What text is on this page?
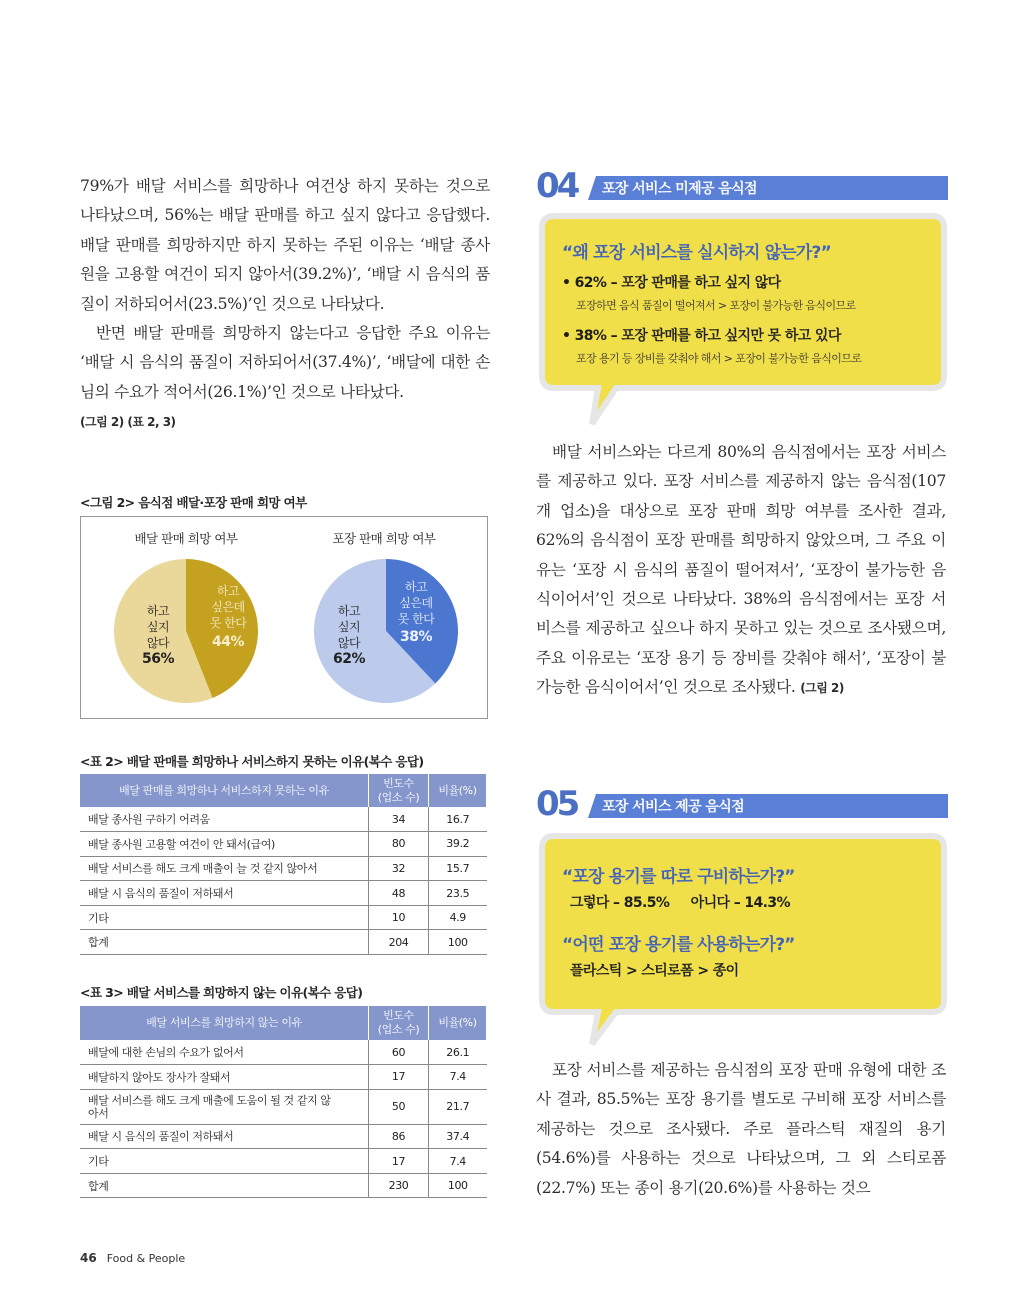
79%가 배달 서비스를 희망하나 여건상 하지 못하는 것으로 나타났으며, 56%는 배달 판매를 하고 싶지 않다고 응답했다. 배달 판매를 희망하지만 하지 못하는 주된 이유는 ‘배달 종사원을 고용할 여건이 되지 않아서(39.2%)’, ‘배달 시 음식의 품질이 저하되어서(23.5%)’인 것으로 나타났다.

반면 배달 판매를 희망하지 않는다고 응답한 주요 이유는 ‘배달 시 음식의 품질이 저하되어서(37.4%)’, ‘배달에 대한 손님의 수요가 적어서(26.1%)’인 것으로 나타났다.
(그림 2) (표 2, 3)

<그림 2> 음식점 배달·포장 판매 희망 여부
배달 판매 희망 여부	포장 판매 희망 여부
하고
싶은데
못 한다
44%
하고
싶지
않다
56%
하고
싶은데
못 한다
38%
하고
싶지
않다
62%
<표 2> 배달 판매를 희망하나 서비스하지 못하는 이유(복수 응답)
배달 판매를 희망하나 서비스하지 못하는 이유	빈도수
(업소 수)	비율(%)
배달 종사원 구하기 어려움	34	16.7
배달 종사원 고용할 여건이 안 돼서(급여)	80	39.2
배달 서비스를 해도 크게 매출이 늘 것 같지 않아서	32	15.7
배달 시 음식의 품질이 저하돼서	48	23.5
기타	10	4.9
합계	204	100
<표 3> 배달 서비스를 희망하지 않는 이유(복수 응답)
배달 서비스를 희망하지 않는 이유	빈도수
(업소 수)	비율(%)
배달에 대한 손님의 수요가 없어서	60	26.1
배달하지 않아도 장사가 잘돼서	17	7.4
배달 서비스를 해도 크게 매출에 도움이 될 것 같지 않아서	50	21.7
배달 시 음식의 품질이 저하돼서	86	37.4
기타	17	7.4
합계	230	100
04 포장 서비스 미제공 음식점
“왜 포장 서비스를 실시하지 않는가?”
• 62% – 포장 판매를 하고 싶지 않다
포장하면 음식 품질이 떨어져서 > 포장이 불가능한 음식이므로
• 38% – 포장 판매를 하고 싶지만 못 하고 있다
포장 용기 등 장비를 갖춰야 해서 > 포장이 불가능한 음식이므로

배달 서비스와는 다르게 80%의 음식점에서는 포장 서비스를 제공하고 있다. 포장 서비스를 제공하지 않는 음식점(107개 업소)을 대상으로 포장 판매 희망 여부를 조사한 결과, 62%의 음식점이 포장 판매를 희망하지 않았으며, 그 주요 이유는 ‘포장 시 음식의 품질이 떨어져서’, ‘포장이 불가능한 음식이어서’인 것으로 나타났다. 38%의 음식점에서는 포장 서비스를 제공하고 싶으나 하지 못하고 있는 것으로 조사됐으며, 주요 이유로는 ‘포장 용기 등 장비를 갖춰야 해서’, ‘포장이 불가능한 음식이어서’인 것으로 조사됐다. (그림 2)

05 포장 서비스 제공 음식점
“포장 용기를 따로 구비하는가?”
그렇다 – 85.5%     아니다 – 14.3%
“어떤 포장 용기를 사용하는가?”
플라스틱 > 스티로폼 > 종이

포장 서비스를 제공하는 음식점의 포장 판매 유형에 대한 조사 결과, 85.5%는 포장 용기를 별도로 구비해 포장 서비스를 제공하는 것으로 조사됐다. 주로 플라스틱 재질의 용기(54.6%)를 사용하는 것으로 나타났으며, 그 외 스티로폼(22.7%) 또는 종이 용기(20.6%)를 사용하는 것으

46 Food & People
